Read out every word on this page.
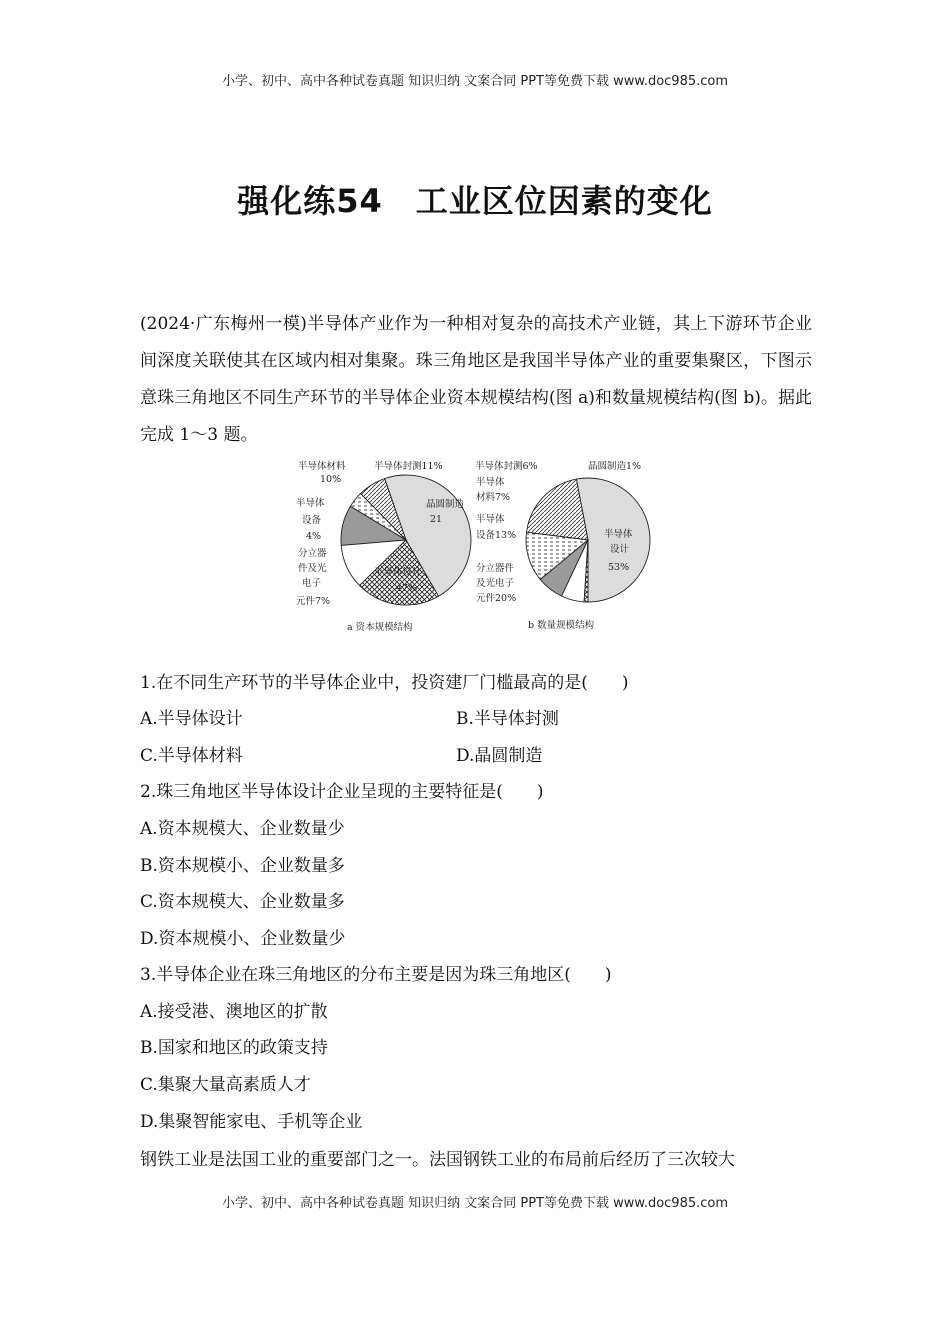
小学、初中、高中各种试卷真题 知识归纳 文案合同 PPT等免费下载 www.doc985.com
强化练54　工业区位因素的变化
(2024·广东梅州一模)半导体产业作为一种相对复杂的高技术产业链，其上下游环节企业间深度关联使其在区域内相对集聚。珠三角地区是我国半导体产业的重要集聚区，下图示意珠三角地区不同生产环节的半导体企业资本规模结构(图 a)和数量规模结构(图 b)。据此完成 1～3 题。
半导体材料
10%
半导体封测11%
半导体
设备
4%
分立器
件及光
电子
元件7%
晶圆制造
21
半导体设计
47%
a 资本规模结构
半导体封测6%	晶圆制造1%
半导体
材料7%
半导体
设备13%
分立器件
及光电子
元件20%
半导体
设计
53%
b 数量规模结构
1.在不同生产环节的半导体企业中，投资建厂门槛最高的是(　　)
A.半导体设计	B.半导体封测
C.半导体材料	D.晶圆制造
2.珠三角地区半导体设计企业呈现的主要特征是(　　)
A.资本规模大、企业数量少
B.资本规模小、企业数量多
C.资本规模大、企业数量多
D.资本规模小、企业数量少
3.半导体企业在珠三角地区的分布主要是因为珠三角地区(　　)
A.接受港、澳地区的扩散
B.国家和地区的政策支持
C.集聚大量高素质人才
D.集聚智能家电、手机等企业
钢铁工业是法国工业的重要部门之一。法国钢铁工业的布局前后经历了三次较大
小学、初中、高中各种试卷真题 知识归纳 文案合同 PPT等免费下载 www.doc985.com
